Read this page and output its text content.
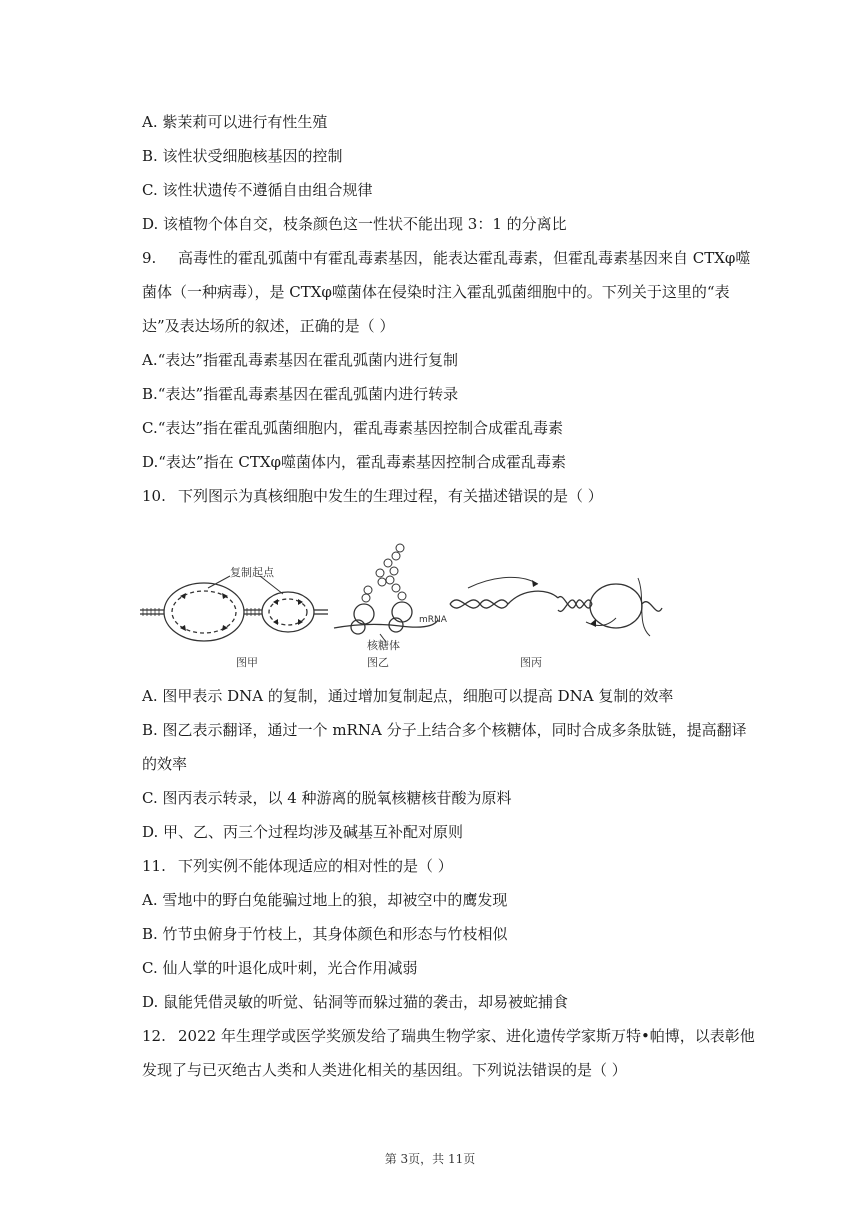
A. 紫茉莉可以进行有性生殖
B. 该性状受细胞核基因的控制
C. 该性状遗传不遵循自由组合规律
D. 该植物个体自交，枝条颜色这一性状不能出现 3：1 的分离比
9. 高毒性的霍乱弧菌中有霍乱毒素基因，能表达霍乱毒素，但霍乱毒素基因来自 CTXφ噬
菌体（一种病毒），是 CTXφ噬菌体在侵染时注入霍乱弧菌细胞中的。下列关于这里的“表
达”及表达场所的叙述，正确的是（ ）
A.“表达”指霍乱毒素基因在霍乱弧菌内进行复制
B.“表达”指霍乱毒素基因在霍乱弧菌内进行转录
C.“表达”指在霍乱弧菌细胞内，霍乱毒素基因控制合成霍乱毒素
D.“表达”指在 CTXφ噬菌体内，霍乱毒素基因控制合成霍乱毒素
10. 下列图示为真核细胞中发生的生理过程，有关描述错误的是（ ）
复制起点
图甲
mRNA
核糖体
图乙	图丙
A. 图甲表示 DNA 的复制，通过增加复制起点，细胞可以提高 DNA 复制的效率
B. 图乙表示翻译，通过一个 mRNA 分子上结合多个核糖体，同时合成多条肽链，提高翻译
的效率
C. 图丙表示转录，以 4 种游离的脱氧核糖核苷酸为原料
D. 甲、乙、丙三个过程均涉及碱基互补配对原则
11. 下列实例不能体现适应的相对性的是（ ）
A. 雪地中的野白兔能骗过地上的狼，却被空中的鹰发现
B. 竹节虫俯身于竹枝上，其身体颜色和形态与竹枝相似
C. 仙人掌的叶退化成叶刺，光合作用减弱
D. 鼠能凭借灵敏的听觉、钻洞等而躲过猫的袭击，却易被蛇捕食
12. 2022 年生理学或医学奖颁发给了瑞典生物学家、进化遗传学家斯万特•帕博，以表彰他
发现了与已灭绝古人类和人类进化相关的基因组。下列说法错误的是（ ）
第 3页，共 11页
